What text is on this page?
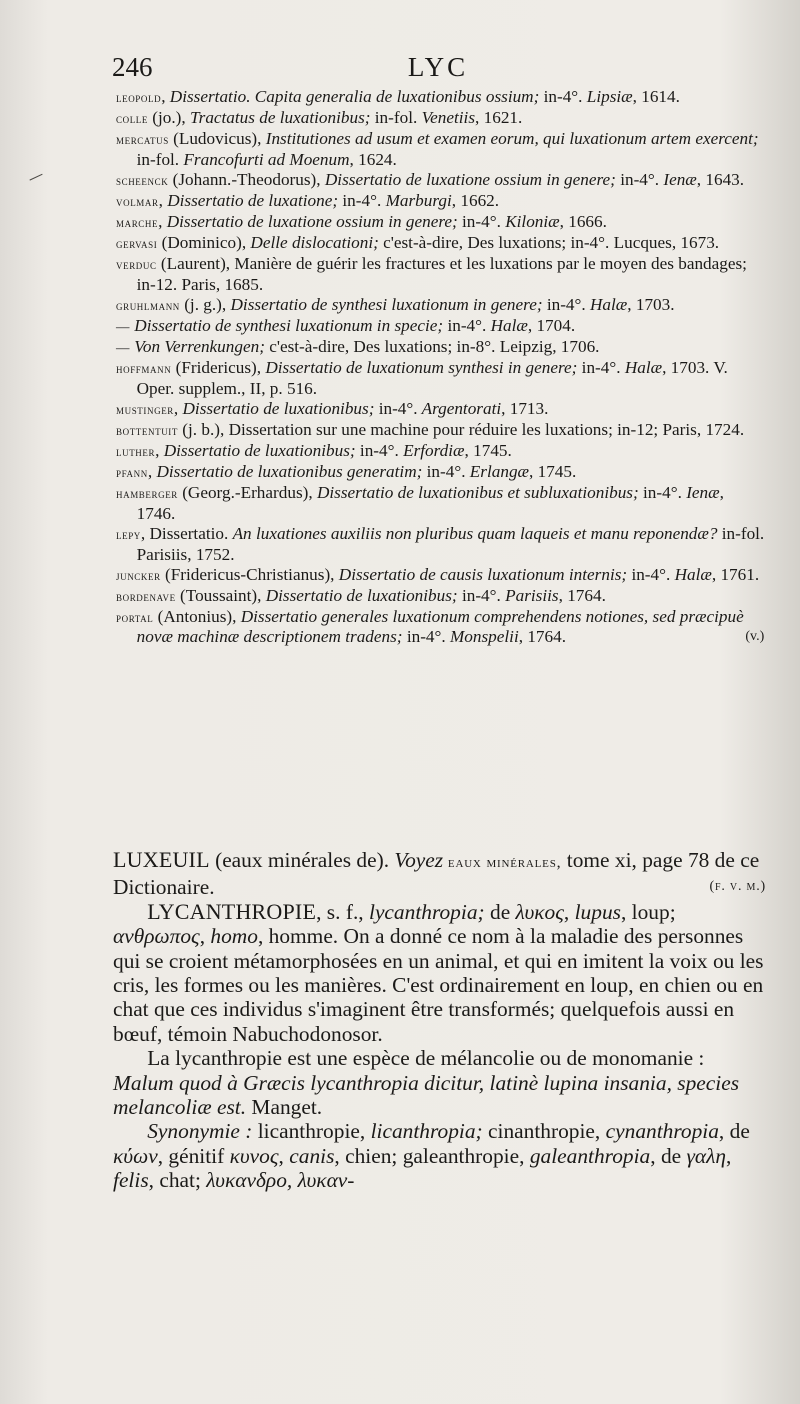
246	LYC

leopold, Dissertatio. Capita generalia de luxationibus ossium; in-4°. Lipsiæ, 1614.

colle (jo.), Tractatus de luxationibus; in-fol. Venetiis, 1621.

mercatus (Ludovicus), Institutiones ad usum et examen eorum, qui luxationum artem exercent; in-fol. Francofurti ad Moenum, 1624.

scheenck (Johann.-Theodorus), Dissertatio de luxatione ossium in genere; in-4°. Ienæ, 1643.

volmar, Dissertatio de luxatione; in-4°. Marburgi, 1662.

marche, Dissertatio de luxatione ossium in genere; in-4°. Kiloniæ, 1666.

gervasi (Dominico), Delle dislocationi; c'est-à-dire, Des luxations; in-4°. Lucques, 1673.

verduc (Laurent), Manière de guérir les fractures et les luxations par le moyen des bandages; in-12. Paris, 1685.

gruhlmann (j. g.), Dissertatio de synthesi luxationum in genere; in-4°. Halæ, 1703.

— Dissertatio de synthesi luxationum in specie; in-4°. Halæ, 1704.

— Von Verrenkungen; c'est-à-dire, Des luxations; in-8°. Leipzig, 1706.

hoffmann (Fridericus), Dissertatio de luxationum synthesi in genere; in-4°. Halæ, 1703. V. Oper. supplem., II, p. 516.

mustinger, Dissertatio de luxationibus; in-4°. Argentorati, 1713.

bottentuit (j. b.), Dissertation sur une machine pour réduire les luxations; in-12; Paris, 1724.

luther, Dissertatio de luxationibus; in-4°. Erfordiæ, 1745.

pfann, Dissertatio de luxationibus generatim; in-4°. Erlangæ, 1745.

hamberger (Georg.-Erhardus), Dissertatio de luxationibus et subluxationibus; in-4°. Ienæ, 1746.

lepy, Dissertatio. An luxationes auxiliis non pluribus quam laqueis et manu reponendæ? in-fol. Parisiis, 1752.

juncker (Fridericus-Christianus), Dissertatio de causis luxationum internis; in-4°. Halæ, 1761.

bordenave (Toussaint), Dissertatio de luxationibus; in-4°. Parisiis, 1764.

portal (Antonius), Dissertatio generales luxationum comprehendens notiones, sed præcipuè novæ machinæ descriptionem tradens; in-4°. Monspelii, 1764.	(v.)

LUXEUIL (eaux minérales de). Voyez eaux minérales, tome xi, page 78 de ce Dictionaire.	(f. v. m.)

LYCANTHROPIE, s. f., lycanthropia; de λυκος, lupus, loup; ανθρωπος, homo, homme. On a donné ce nom à la maladie des personnes qui se croient métamorphosées en un animal, et qui en imitent la voix ou les cris, les formes ou les manières. C'est ordinairement en loup, en chien ou en chat que ces individus s'imaginent être transformés; quelquefois aussi en bœuf, témoin Nabuchodonosor.

La lycanthropie est une espèce de mélancolie ou de monomanie : Malum quod à Græcis lycanthropia dicitur, latinè lupina insania, species melancoliæ est. Manget.

Synonymie : licanthropie, licanthropia; cinanthropie, cynanthropia, de κύων, génitif κυνος, canis, chien; galeanthropie, galeanthropia, de γαλη, felis, chat; λυκανδρο, λυκαν-
